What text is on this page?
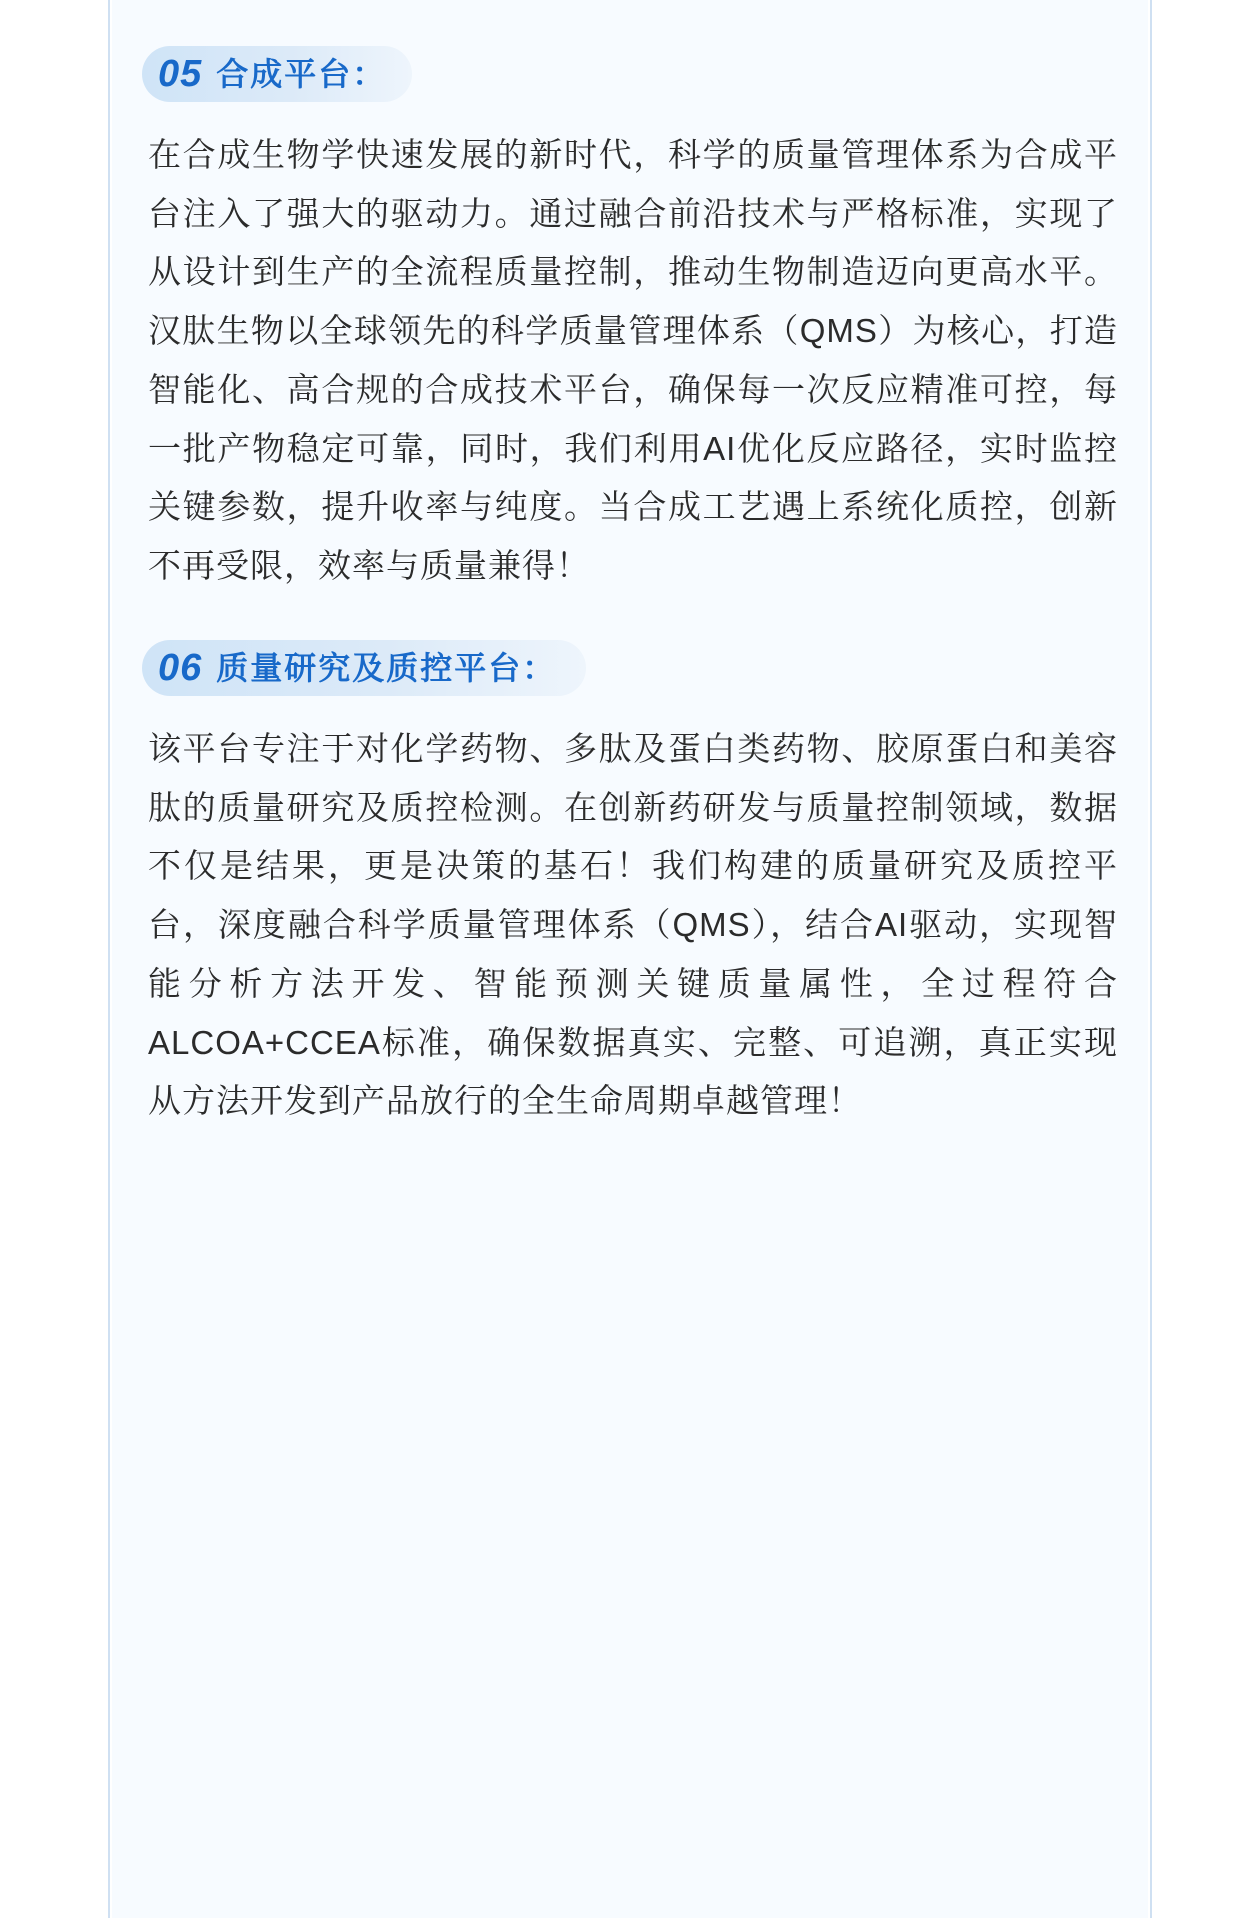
05 合成平台：

在合成生物学快速发展的新时代，科学的质量管理体系为合成平台注入了强大的驱动力。通过融合前沿技术与严格标准，实现了从设计到生产的全流程质量控制，推动生物制造迈向更高水平。汉肽生物以全球领先的科学质量管理体系（QMS）为核心，打造智能化、高合规的合成技术平台，确保每一次反应精准可控，每一批产物稳定可靠，同时，我们利用AI优化反应路径，实时监控关键参数，提升收率与纯度。当合成工艺遇上系统化质控，创新不再受限，效率与质量兼得！

06 质量研究及质控平台：

该平台专注于对化学药物、多肽及蛋白类药物、胶原蛋白和美容肽的质量研究及质控检测。在创新药研发与质量控制领域，数据不仅是结果，更是决策的基石！我们构建的质量研究及质控平台，深度融合科学质量管理体系（QMS），结合AI驱动，实现智能分析方法开发、智能预测关键质量属性，全过程符合ALCOA+CCEA标准，确保数据真实、完整、可追溯，真正实现从方法开发到产品放行的全生命周期卓越管理！
